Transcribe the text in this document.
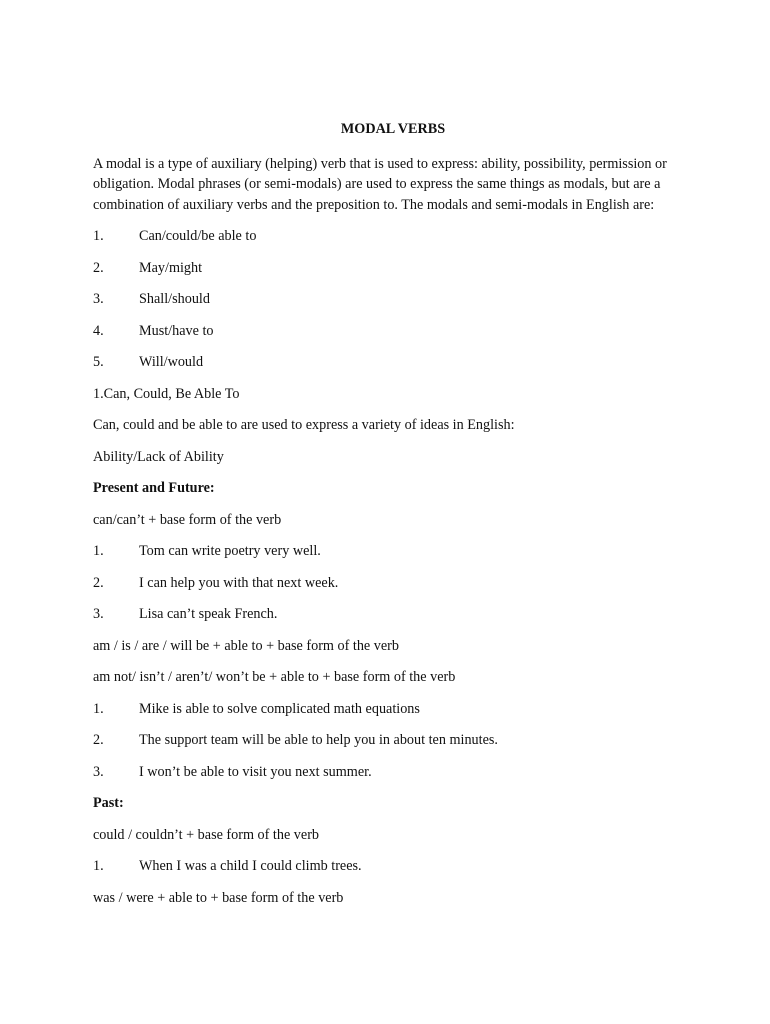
MODAL VERBS
A modal is a type of auxiliary (helping) verb that is used to express: ability, possibility, permission or obligation. Modal phrases (or semi-modals) are used to express the same things as modals, but are a combination of auxiliary verbs and the preposition to. The modals and semi-modals in English are:
1.	Can/could/be able to
2.	May/might
3.	Shall/should
4.	Must/have to
5.	Will/would
1.Can, Could, Be Able To
Can, could and be able to are used to express a variety of ideas in English:
Ability/Lack of Ability
Present and Future:
can/can’t + base form of the verb
1.	Tom can write poetry very well.
2.	I can help you with that next week.
3.	Lisa can’t speak French.
am / is / are / will be + able to + base form of the verb
am not/ isn’t / aren’t/ won’t be + able to + base form of the verb
1.	Mike is able to solve complicated math equations
2.	The support team will be able to help you in about ten minutes.
3.	I won’t be able to visit you next summer.
Past:
could / couldn’t + base form of the verb
1.	When I was a child I could climb trees.
was / were + able to + base form of the verb
